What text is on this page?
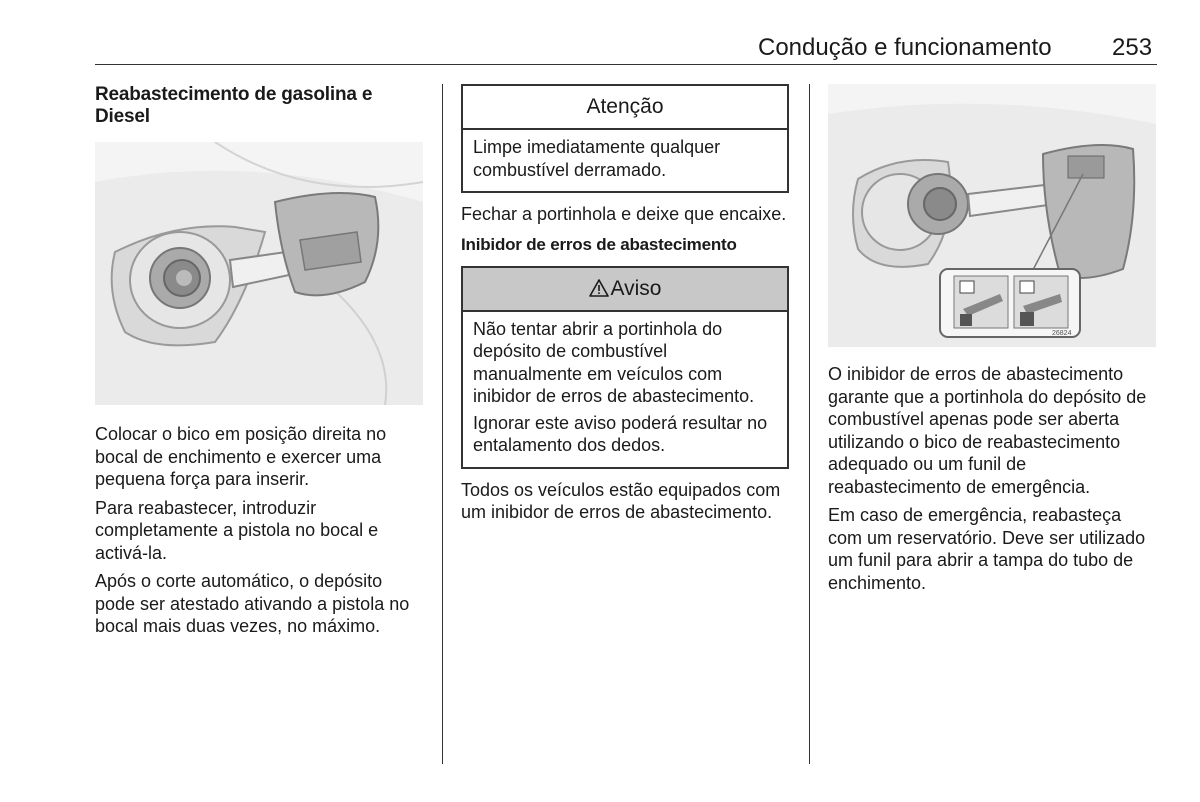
Condução e funcionamento	253
Reabastecimento de gasolina e Diesel

Colocar o bico em posição direita no bocal de enchimento e exercer uma pequena força para inserir.

Para reabastecer, introduzir completamente a pistola no bocal e activá-la.

Após o corte automático, o depósito pode ser atestado ativando a pistola no bocal mais duas vezes, no máximo.

Atenção

Limpe imediatamente qualquer combustível derramado.

Fechar a portinhola e deixe que encaixe.

Inibidor de erros de abastecimento
Aviso

Não tentar abrir a portinhola do depósito de combustível manualmente em veículos com inibidor de erros de abastecimento.

Ignorar este aviso poderá resultar no entalamento dos dedos.

Todos os veículos estão equipados com um inibidor de erros de abastecimento.

26824

O inibidor de erros de abastecimento garante que a portinhola do depósito de combustível apenas pode ser aberta utilizando o bico de reabastecimento adequado ou um funil de reabastecimento de emergência.

Em caso de emergência, reabasteça com um reservatório. Deve ser utilizado um funil para abrir a tampa do tubo de enchimento.
